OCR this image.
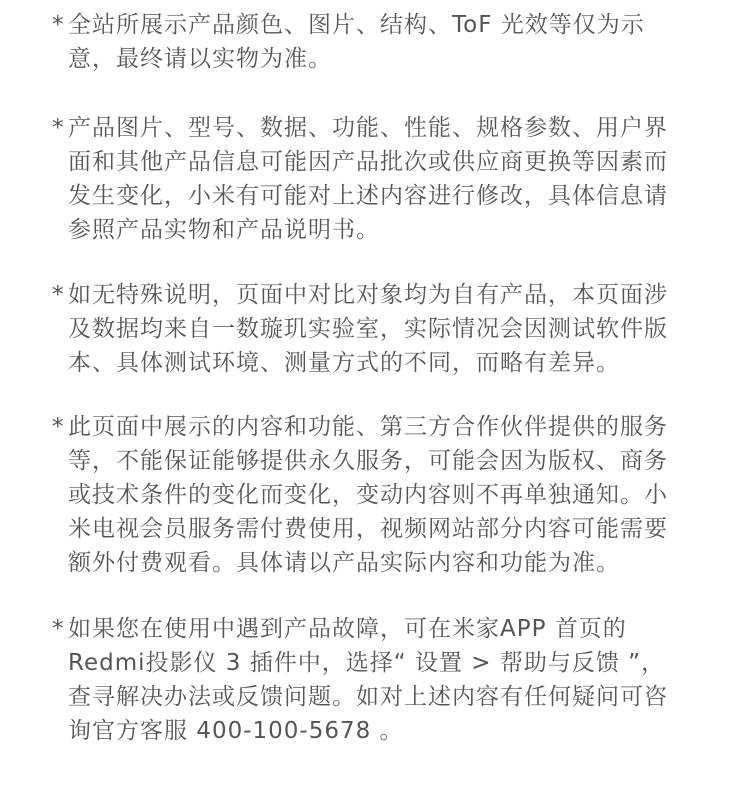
* 全站所展示产品颜色、图片、结构、ToF 光效等仅为示
意，最终请以实物为准。
* 产品图片、型号、数据、功能、性能、规格参数、用户界
面和其他产品信息可能因产品批次或供应商更换等因素而
发生变化，小米有可能对上述内容进行修改，具体信息请
参照产品实物和产品说明书。
* 如无特殊说明，页面中对比对象均为自有产品，本页面涉
及数据均来自一数璇玑实验室，实际情况会因测试软件版
本、具体测试环境、测量方式的不同，而略有差异。
* 此页面中展示的内容和功能、第三方合作伙伴提供的服务
等，不能保证能够提供永久服务，可能会因为版权、商务
或技术条件的变化而变化，变动内容则不再单独通知。小
米电视会员服务需付费使用，视频网站部分内容可能需要
额外付费观看。具体请以产品实际内容和功能为准。
* 如果您在使用中遇到产品故障，可在米家APP 首页的
Redmi投影仪 3 插件中，选择“ 设置 > 帮助与反馈 ”，
查寻解决办法或反馈问题。如对上述内容有任何疑问可咨
询官方客服 400-100-5678 。
